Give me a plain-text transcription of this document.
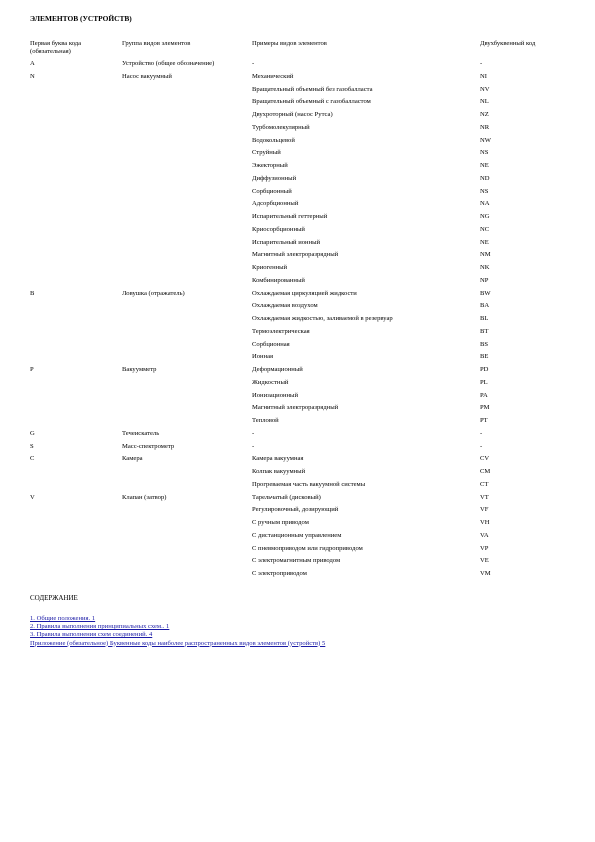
ЭЛЕМЕНТОВ (УСТРОЙСТВ)
Первая буква кода (обязательная)	Группа видов элементов	Примеры видов элементов	Двухбуквенный код
A	Устройство (общее обозначение)	-	-
N	Насос вакуумный	Механический	NI
		Вращательный объемный без газобалласта	NV
		Вращательный объемный с газобалластом	NL
		Двухроторный (насос Рутса)	NZ
		Турбомолекулярный	NR
		Водокольцевой	NW
		Струйный	NS
		Эжекторный	NE
		Диффузионный	ND
		Сорбционный	NS
		Адсорбционный	NA
		Испарительный геттерный	NG
		Криосорбционный	NC
		Испарительный ионный	NE
		Магнитный электроразрядный	NM
		Криогенный	NK
		Комбинированный	NP
B	Ловушка (отражатель)	Охлаждаемая циркуляцией жидкости	BW
		Охлаждаемая воздухом	BA
		Охлаждаемая жидкостью, заливаемой в резервуар	BL
		Термоэлектрическая	BT
		Сорбционная	BS
		Ионная	BE
P	Вакуумметр	Деформационный	PD
		Жидкостный	PL
		Ионизационный	PA
		Магнитный электроразрядный	PM
		Тепловой	PT
G	Течеискатель	-	-
S	Масс-спектрометр	-	-
C	Камера	Камера вакуумная	CV
		Колпак вакуумный	CM
		Прогреваемая часть вакуумной системы	CT
V	Клапан (затвор)	Тарельчатый (дисковый)	VT
		Регулировочный, дозирующий	VF
		С ручным приводом	VH
		С дистанционным управлением	VA
		С пневмоприводом или гидроприводом	VP
		С электромагнитным приводом	VE
		С электроприводом	VM
СОДЕРЖАНИЕ
1. Общие положения. 1
2. Правила выполнения принципиальных схем.. 1
3. Правила выполнения схем соединений. 4
Приложение (обязательное) Буквенные коды наиболее распространенных видов элементов (устройств) 5
